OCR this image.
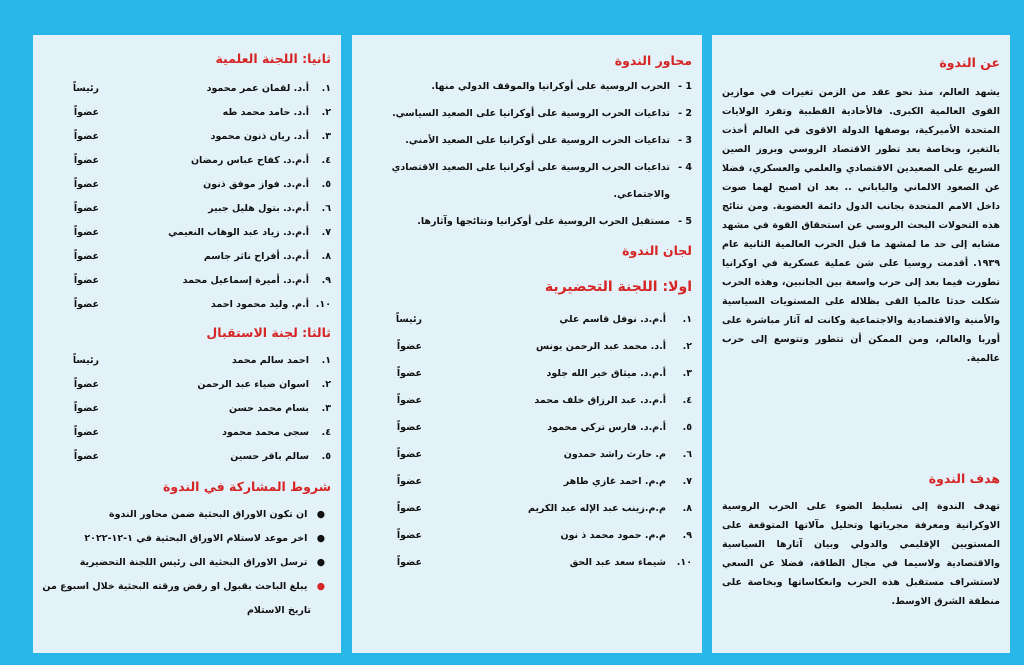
عن الندوة

يشهد العالم، منذ نحو عقد من الزمن تغيرات في موازين القوى العالمية الكبرى. فالأحادية القطبية وتفرد الولايات المتحدة الأميركية، بوصفها الدولة الاقوى في العالم أخذت بالتغير، وبخاصة بعد تطور الاقتصاد الروسي وبروز الصين السريع على الصعيدين الاقتصادي والعلمي والعسكري، فضلا عن الصعود الالماني والياباني .. بعد ان اصبح لهما صوت داخل الامم المتحدة بجانب الدول دائمة العضوية. ومن نتائج هذه التحولات البحث الروسي عن استحقاق القوة في مشهد مشابه إلى حد ما لمشهد ما قبل الحرب العالمية الثانية عام ١٩٣٩. أقدمت روسيا على شن عملية عسكرية في اوكرانيا تطورت فيما بعد إلى حرب واسعة بين الجانبين، وهذه الحرب شكلت حدثا عالميا القى بظلاله على المستويات السياسية والأمنية والاقتصادية والاجتماعية وكانت له آثار مباشرة على أوربا والعالم، ومن الممكن أن تتطور وتتوسع إلى حرب عالمية.

هدف الندوة

تهدف الندوة إلى تسليط الضوء على الحرب الروسية الاوكرانية ومعرفة مجرياتها وتحليل مآلاتها المتوقعة على المستويين الإقليمي والدولي وبيان آثارها السياسية والاقتصادية ولاسيما في مجال الطاقة، فضلا عن السعي لاستشراف مستقبل هذه الحرب وانعكاساتها وبخاصة على منطقة الشرق الاوسط.

محاور الندوة
1 -
الحرب الروسية على أوكرانيا والموقف الدولي منها.
2 -
تداعيات الحرب الروسية على أوكرانيا على الصعيد السياسي.
3 -
تداعيات الحرب الروسية على أوكرانيا على الصعيد الأمني.
4 -
تداعيات الحرب الروسية على أوكرانيا على الصعيد الاقتصادي
والاجتماعي.
5 -
مستقبل الحرب الروسية على أوكرانيا ونتائجها وآثارها.
لجان الندوة
اولا: اللجنة التحضيرية
١.
أ.م.د. نوفل قاسم علي
رئيساً
٢.
أ.د. محمد عبد الرحمن يونس
عضواً
٣.
أ.م.د. ميثاق خير الله جلود
عضواً
٤.
أ.م.د. عبد الرزاق خلف محمد
عضواً
٥.
أ.م.د. فارس تركي محمود
عضواً
٦.
م. حارث راشد حمدون
عضواً
٧.
م.م. احمد غازي طاهر
عضواً
٨.
م.م.زينب عبد الإله عبد الكريم
عضواً
٩.
م.م. حمود محمد ذ نون
عضواً
١٠.
شيماء سعد عبد الحق
عضواً
ثانيا: اللجنة العلمية
١.
أ.د. لقمان عمر محمود
رئيساً
٢.
أ.د. حامد محمد طه
عضواً
٣.
أ.د. ريان ذنون محمود
عضواً
٤.
أ.م.د. كفاح عباس رمضان
عضواً
٥.
أ.م.د. فواز موفق ذنون
عضواً
٦.
أ.م.د. بتول هليل جبير
عضواً
٧.
أ.م.د. زياد عبد الوهاب النعيمي
عضواً
٨.
أ.م.د. أفراح ناثر جاسم
عضواً
٩.
أ.م.د. أميرة إسماعيل محمد
عضواً
١٠.
أ.م. وليد محمود احمد
عضواً
ثالثا: لجنة الاستقبال
١.
احمد سالم محمد
رئيساً
٢.
اسوان ضياء عبد الرحمن
عضواً
٣.
بسام محمد حسن
عضواً
٤.
سجى محمد محمود
عضواً
٥.
سالم باقر حسين
عضواً
شروط المشاركة في الندوة
● ان تكون الاوراق البحثية ضمن محاور الندوة
● اخر موعد لاستلام الاوراق البحثية في ١-١٢-٢٠٢٢
● ترسل الاوراق البحثية الى رئيس اللجنة التحضيرية
● يبلغ الباحث بقبول او رفض ورقته البحثية خلال اسبوع من
تاريخ الاستلام
